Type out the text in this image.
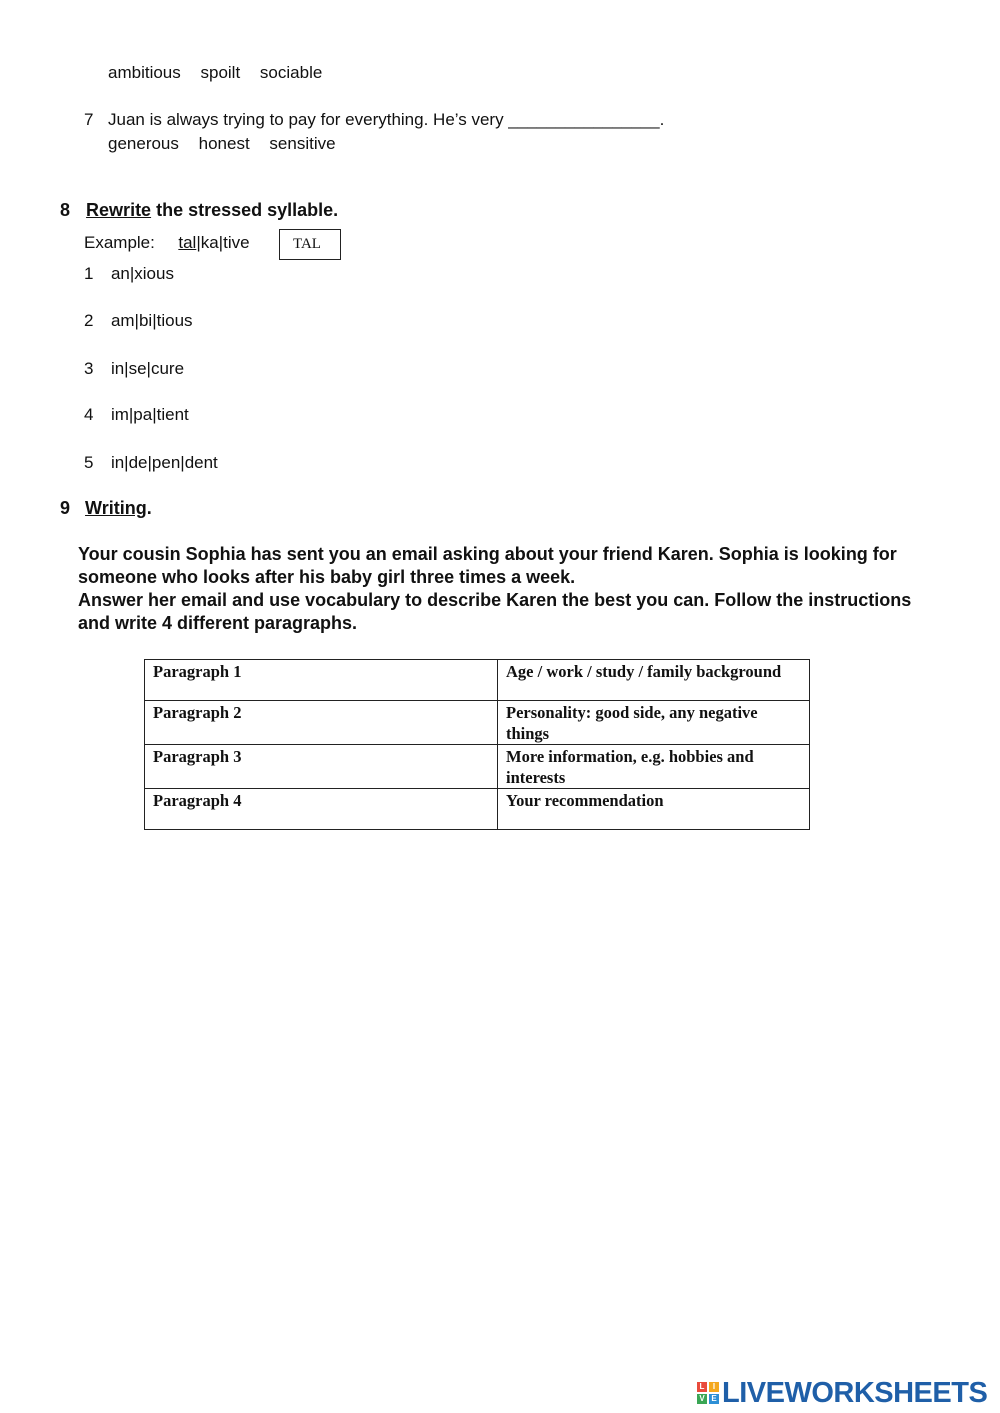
ambitious spoilt sociable
7 Juan is always trying to pay for everything. He’s very ________________.
generous honest sensitive
8 Rewrite the stressed syllable.
Example: tal|ka|tive	TAL
1 an|xious
2 am|bi|tious
3 in|se|cure
4 im|pa|tient
5 in|de|pen|dent
9 Writing.
Your cousin Sophia has sent you an email asking about your friend Karen. Sophia is looking for someone who looks after his baby girl three times a week.
Answer her email and use vocabulary to describe Karen the best you can. Follow the instructions and write 4 different paragraphs.
Paragraph 1	Age / work / study / family background
Paragraph 2	Personality: good side, any negative things
Paragraph 3	More information, e.g. hobbies and interests
Paragraph 4	Your recommendation
L	I
V E LIVEWORKSHEETS
